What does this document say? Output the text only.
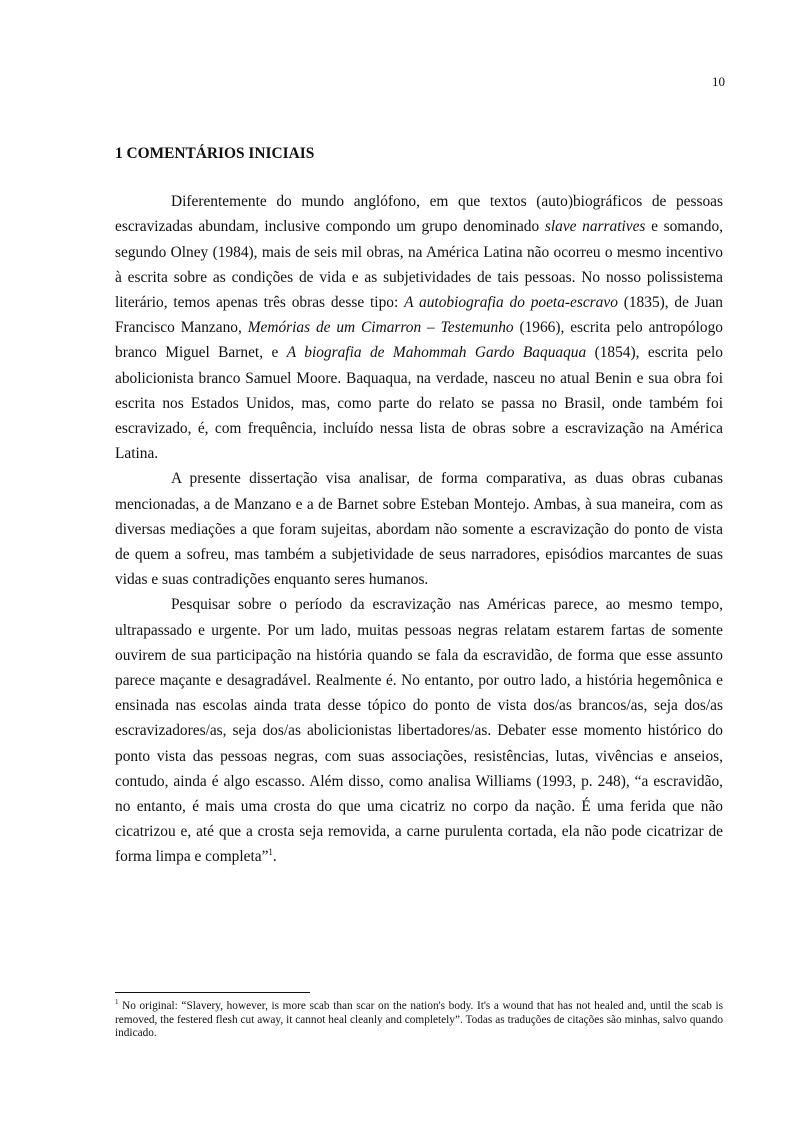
10
1 COMENTÁRIOS INICIAIS

Diferentemente do mundo anglófono, em que textos (auto)biográficos de pessoas escravizadas abundam, inclusive compondo um grupo denominado slave narratives e somando, segundo Olney (1984), mais de seis mil obras, na América Latina não ocorreu o mesmo incentivo à escrita sobre as condições de vida e as subjetividades de tais pessoas. No nosso polissistema literário, temos apenas três obras desse tipo: A autobiografia do poeta-escravo (1835), de Juan Francisco Manzano, Memórias de um Cimarron – Testemunho (1966), escrita pelo antropólogo branco Miguel Barnet, e A biografia de Mahommah Gardo Baquaqua (1854), escrita pelo abolicionista branco Samuel Moore. Baquaqua, na verdade, nasceu no atual Benin e sua obra foi escrita nos Estados Unidos, mas, como parte do relato se passa no Brasil, onde também foi escravizado, é, com frequência, incluído nessa lista de obras sobre a escravização na América Latina.

A presente dissertação visa analisar, de forma comparativa, as duas obras cubanas mencionadas, a de Manzano e a de Barnet sobre Esteban Montejo. Ambas, à sua maneira, com as diversas mediações a que foram sujeitas, abordam não somente a escravização do ponto de vista de quem a sofreu, mas também a subjetividade de seus narradores, episódios marcantes de suas vidas e suas contradições enquanto seres humanos.

Pesquisar sobre o período da escravização nas Américas parece, ao mesmo tempo, ultrapassado e urgente. Por um lado, muitas pessoas negras relatam estarem fartas de somente ouvirem de sua participação na história quando se fala da escravidão, de forma que esse assunto parece maçante e desagradável. Realmente é. No entanto, por outro lado, a história hegemônica e ensinada nas escolas ainda trata desse tópico do ponto de vista dos/as brancos/as, seja dos/as escravizadores/as, seja dos/as abolicionistas libertadores/as. Debater esse momento histórico do ponto vista das pessoas negras, com suas associações, resistências, lutas, vivências e anseios, contudo, ainda é algo escasso. Além disso, como analisa Williams (1993, p. 248), “a escravidão, no entanto, é mais uma crosta do que uma cicatriz no corpo da nação. É uma ferida que não cicatrizou e, até que a crosta seja removida, a carne purulenta cortada, ela não pode cicatrizar de forma limpa e completa”$^1$.

$^1$ No original: “Slavery, however, is more scab than scar on the nation's body. It's a wound that has not healed and, until the scab is removed, the festered flesh cut away, it cannot heal cleanly and completely”. Todas as traduções de citações são minhas, salvo quando indicado.
